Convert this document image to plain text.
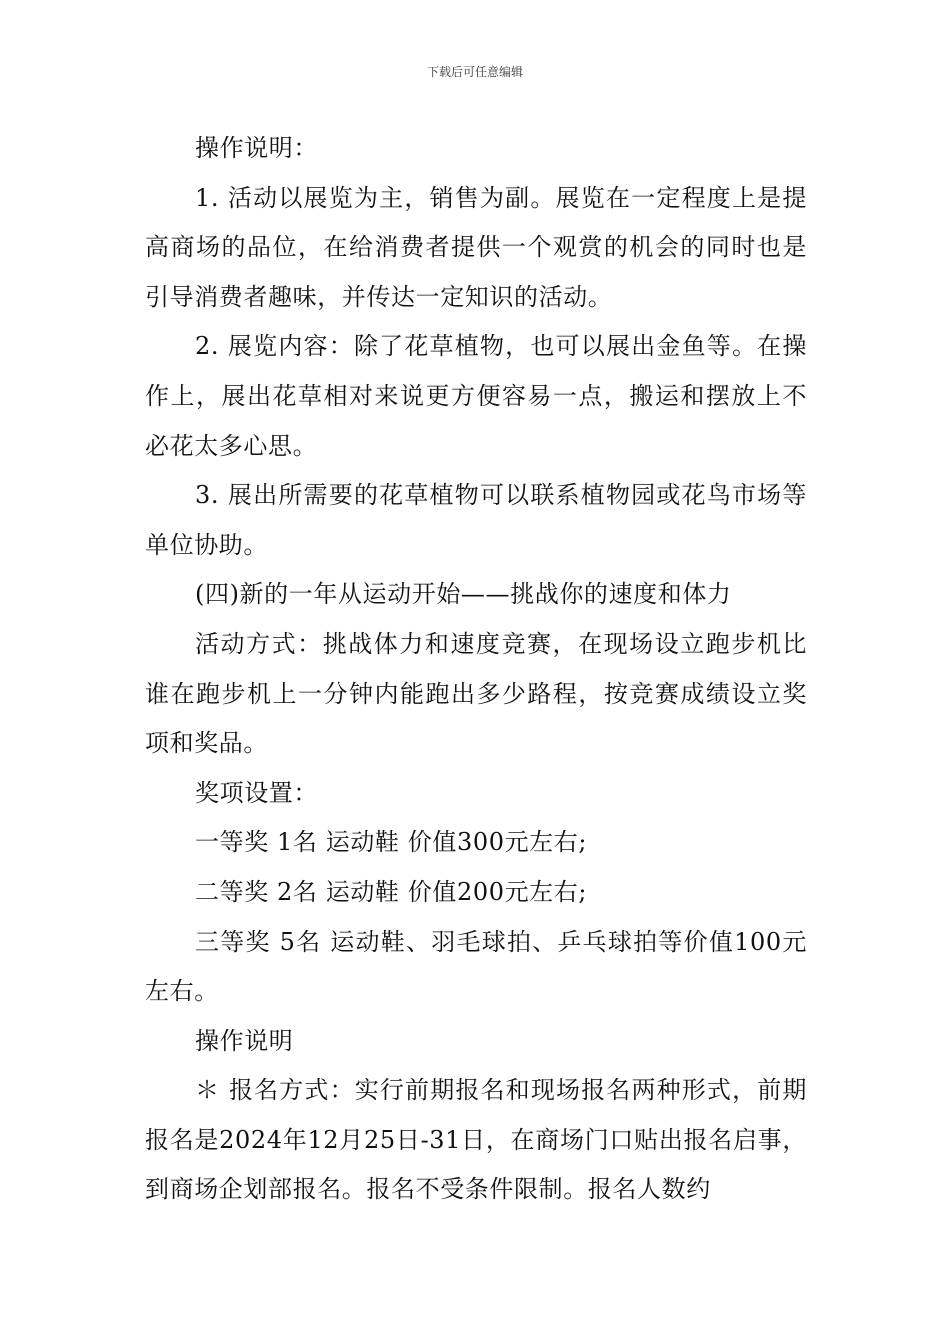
下载后可任意编辑

操作说明：

1. 活动以展览为主，销售为副。展览在一定程度上是提高商场的品位，在给消费者提供一个观赏的机会的同时也是引导消费者趣味，并传达一定知识的活动。

2. 展览内容：除了花草植物，也可以展出金鱼等。在操作上，展出花草相对来说更方便容易一点，搬运和摆放上不必花太多心思。

3. 展出所需要的花草植物可以联系植物园或花鸟市场等单位协助。

(四)新的一年从运动开始——挑战你的速度和体力

活动方式：挑战体力和速度竞赛，在现场设立跑步机比谁在跑步机上一分钟内能跑出多少路程，按竞赛成绩设立奖项和奖品。

奖项设置：

一等奖 1名 运动鞋 价值300元左右;

二等奖 2名 运动鞋 价值200元左右;

三等奖 5名 运动鞋、羽毛球拍、乒乓球拍等价值100元左右。

操作说明

＊ 报名方式：实行前期报名和现场报名两种形式，前期报名是2024年12月25日-31日，在商场门口贴出报名启事，到商场企划部报名。报名不受条件限制。报名人数约
